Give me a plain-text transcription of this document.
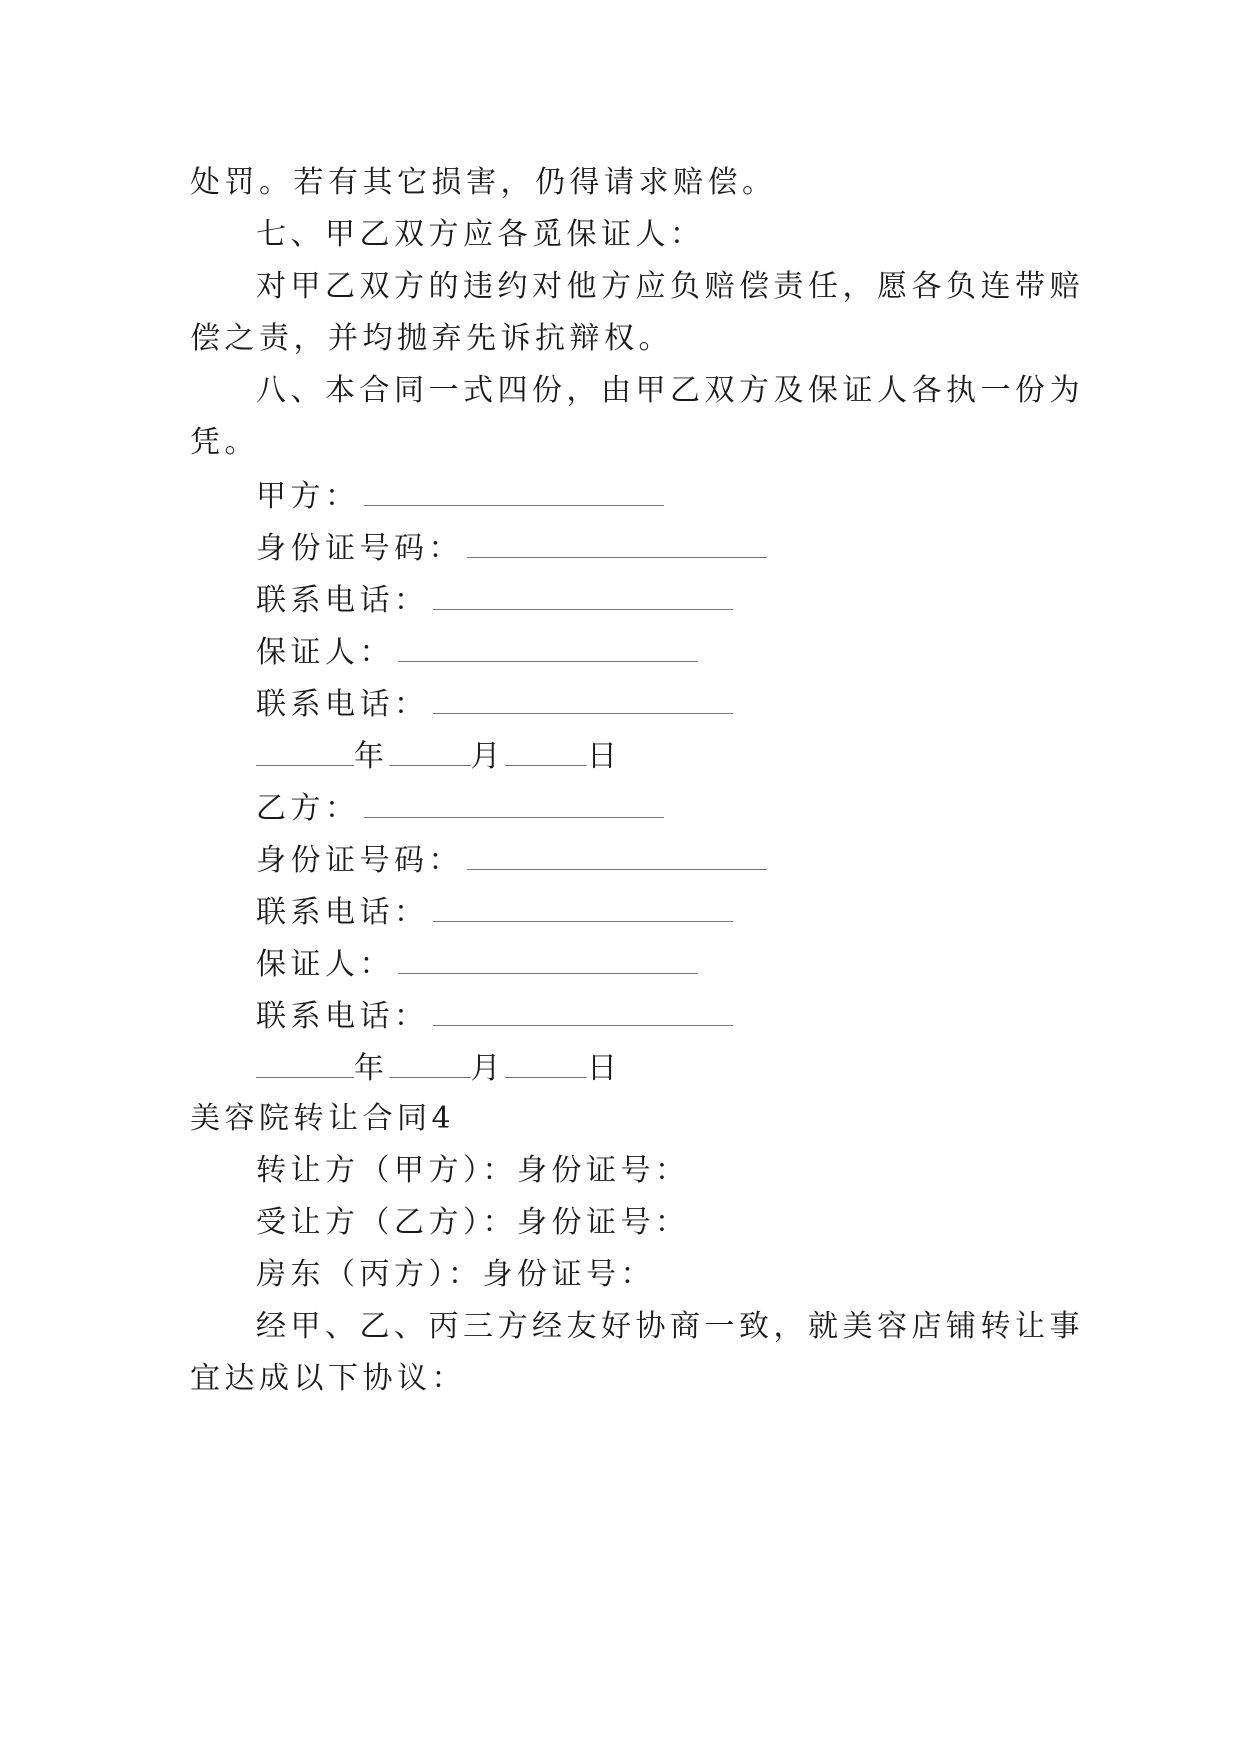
处罚。若有其它损害，仍得请求赔偿。
七、甲乙双方应各觅保证人：
对甲乙双方的违约对他方应负赔偿责任，愿各负连带赔
偿之责，并均抛弃先诉抗辩权。
八、本合同一式四份，由甲乙双方及保证人各执一份为
凭。
甲方：
身份证号码：
联系电话：
保证人：
联系电话：
年	月	日
乙方：
身份证号码：
联系电话：
保证人：
联系电话：
年	月	日
美容院转让合同4
转让方（甲方）：身份证号：
受让方（乙方）：身份证号：
房东（丙方）：身份证号：
经甲、乙、丙三方经友好协商一致，就美容店铺转让事
宜达成以下协议：
